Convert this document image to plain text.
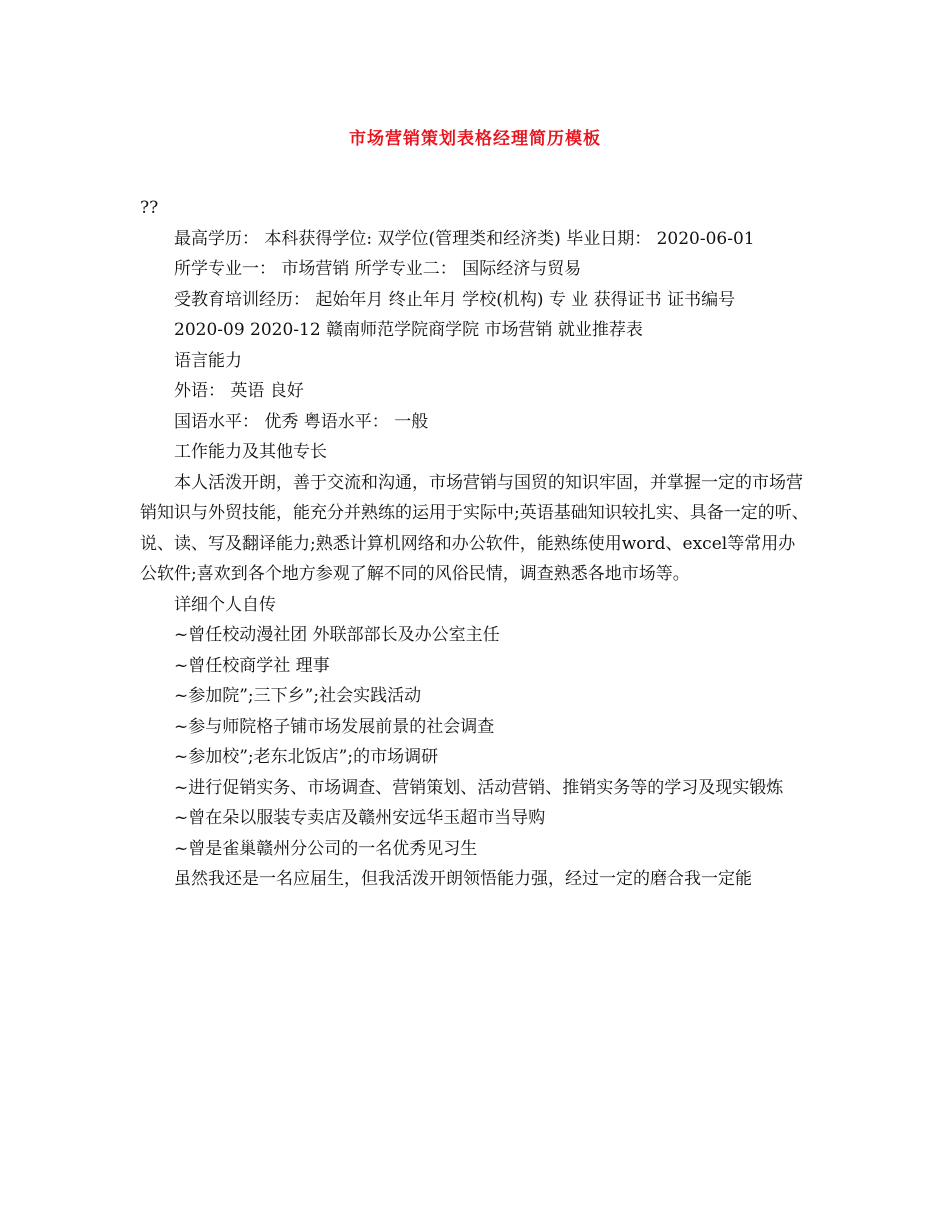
市场营销策划表格经理简历模板

??

最高学历： 本科获得学位: 双学位(管理类和经济类) 毕业日期： 2020-06-01

所学专业一： 市场营销 所学专业二： 国际经济与贸易

受教育培训经历： 起始年月 终止年月 学校(机构) 专 业 获得证书 证书编号

2020-09 2020-12 赣南师范学院商学院 市场营销 就业推荐表

语言能力

外语： 英语 良好

国语水平： 优秀 粤语水平： 一般

工作能力及其他专长

本人活泼开朗，善于交流和沟通，市场营销与国贸的知识牢固，并掌握一定的市场营销知识与外贸技能，能充分并熟练的运用于实际中;英语基础知识较扎实、具备一定的听、说、读、写及翻译能力;熟悉计算机网络和办公软件，能熟练使用word、excel等常用办公软件;喜欢到各个地方参观了解不同的风俗民情，调查熟悉各地市场等。

详细个人自传

~曾任校动漫社团 外联部部长及办公室主任

~曾任校商学社 理事

~参加院”;三下乡”;社会实践活动

~参与师院格子铺市场发展前景的社会调查

~参加校”;老东北饭店”;的市场调研

~进行促销实务、市场调查、营销策划、活动营销、推销实务等的学习及现实锻炼

~曾在朵以服装专卖店及赣州安远华玉超市当导购

~曾是雀巢赣州分公司的一名优秀见习生

虽然我还是一名应届生，但我活泼开朗领悟能力强，经过一定的磨合我一定能
